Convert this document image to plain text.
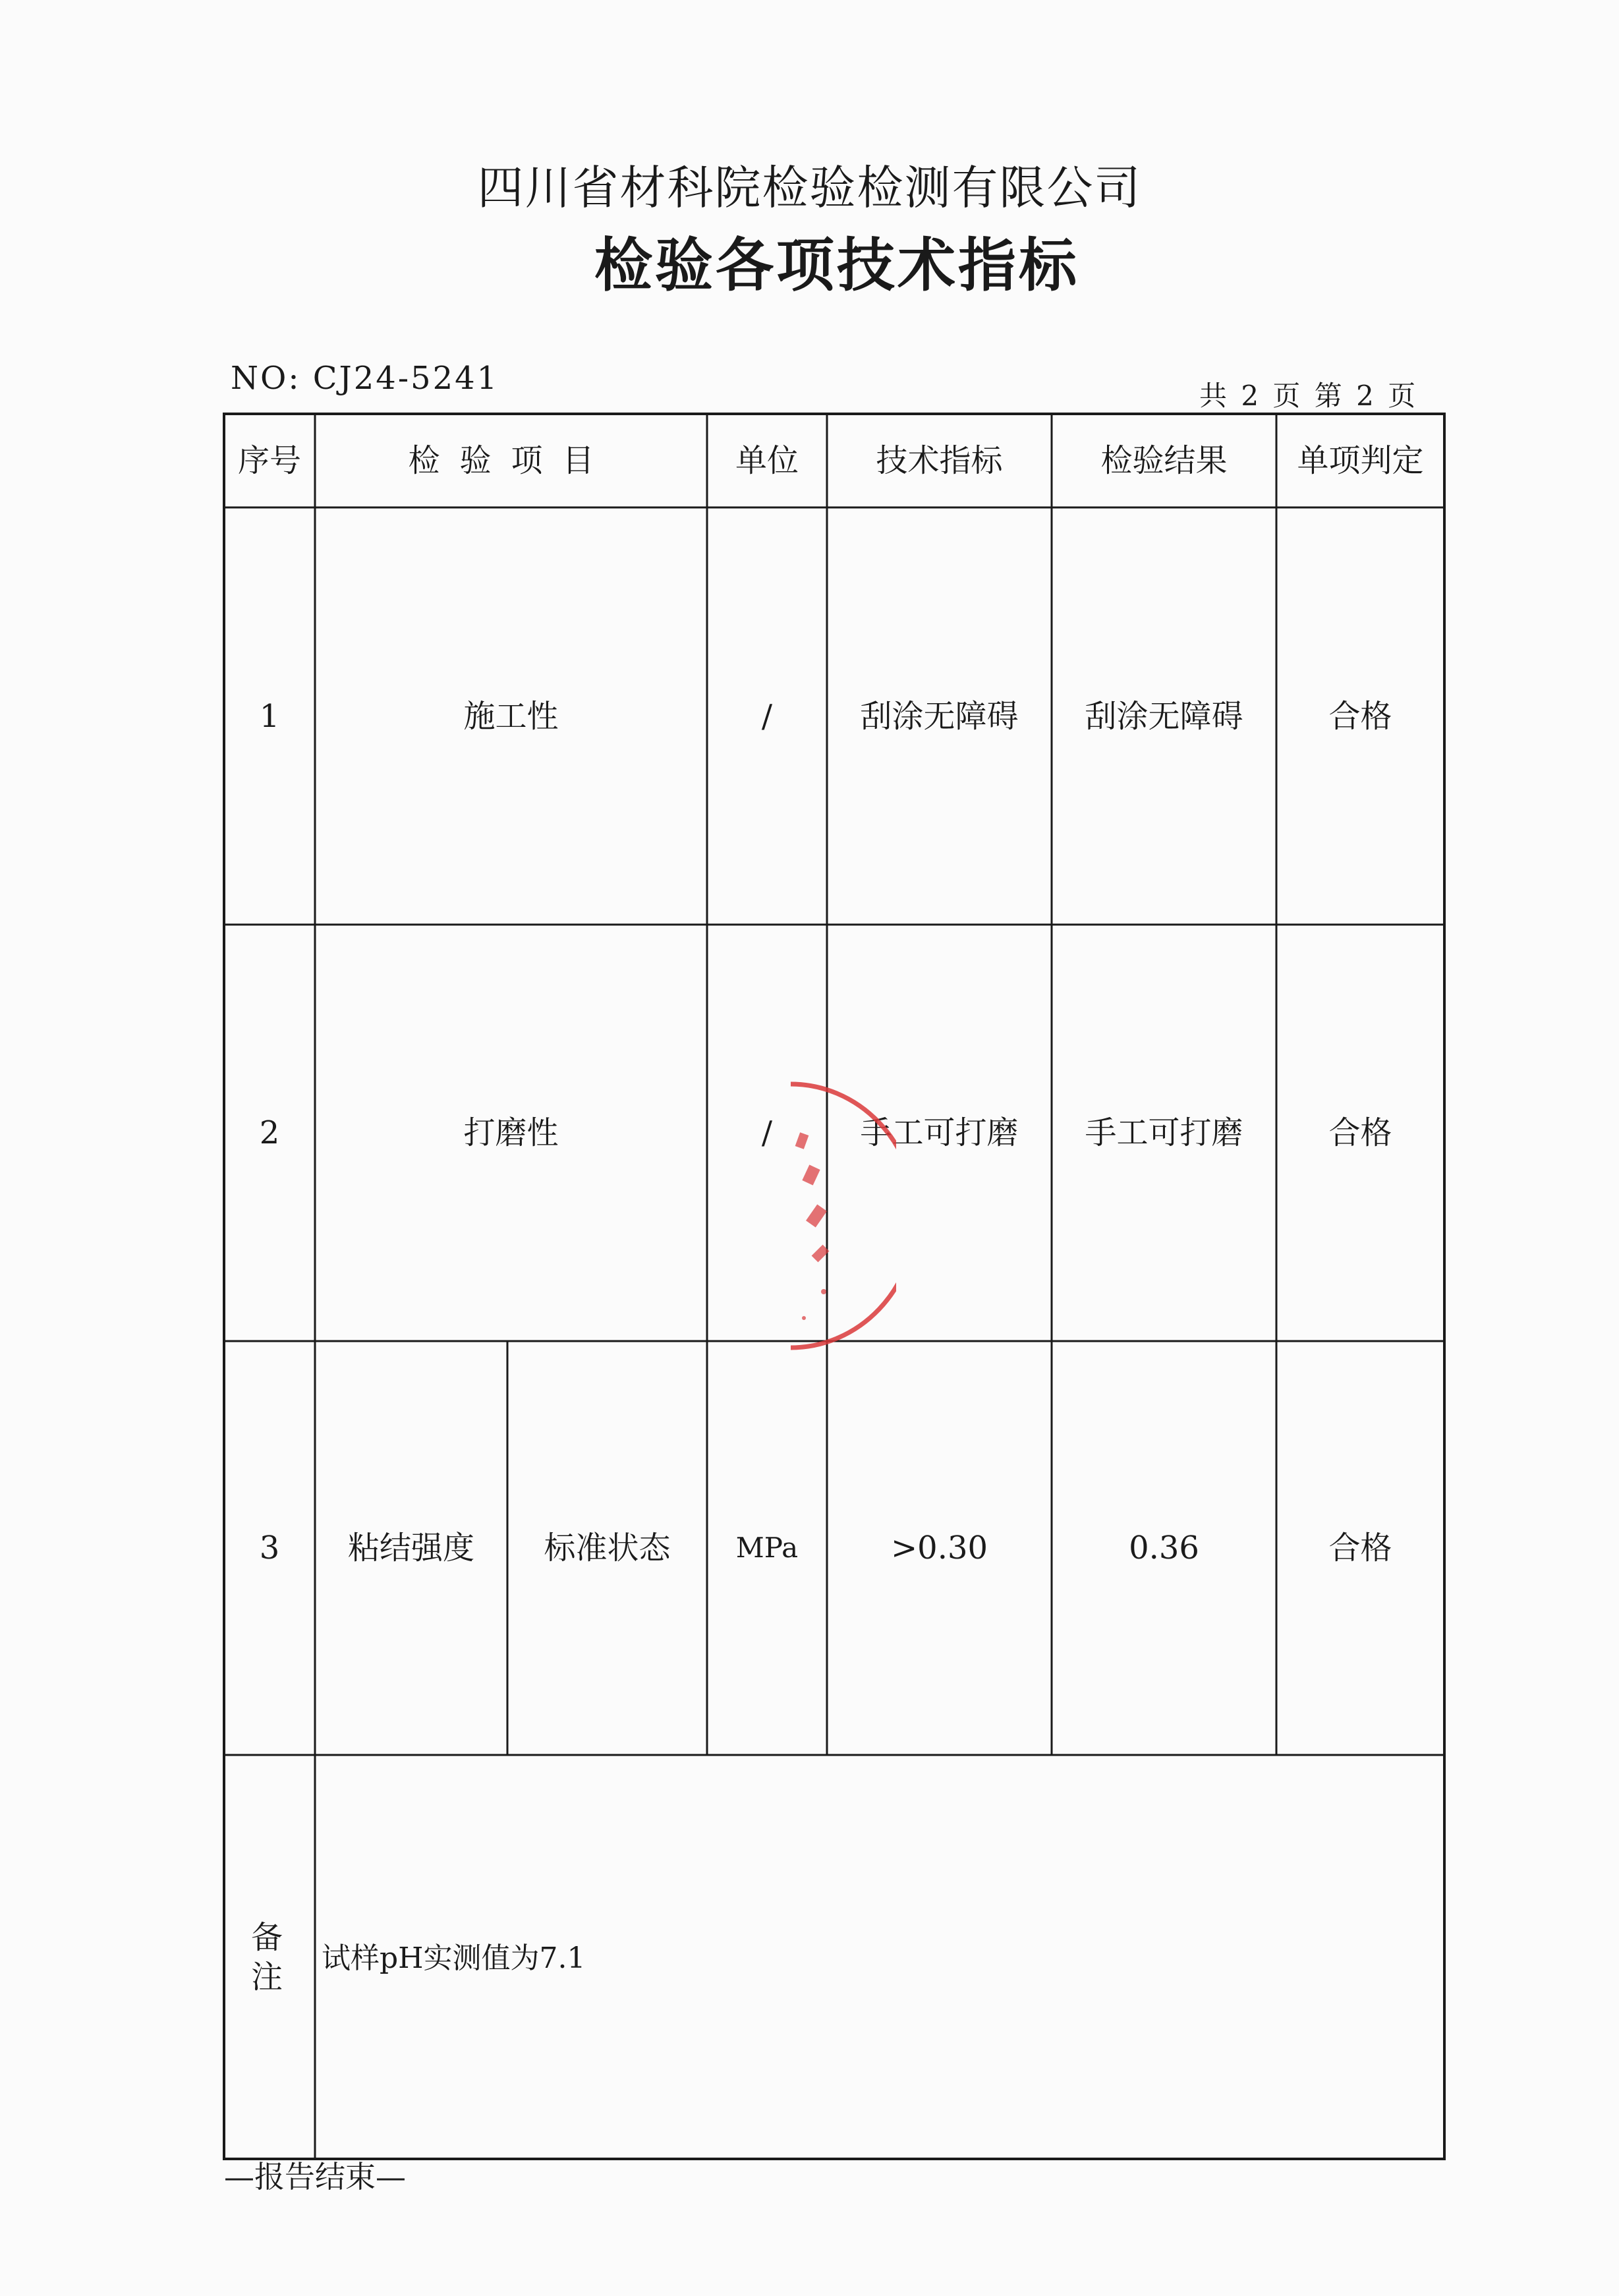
四川省材科院检验检测有限公司
检验各项技术指标
NO: CJ24-5241	共 2 页 第 2 页
序号	检验项目	单位	技术指标	检验结果	单项判定
1	施工性	/	刮涂无障碍	刮涂无障碍	合格
2	打磨性	/	手工可打磨	手工可打磨	合格
3	粘结强度	标准状态	MPa	>0.30	0.36	合格
备注
试样pH实测值为7.1
—报告结束—
